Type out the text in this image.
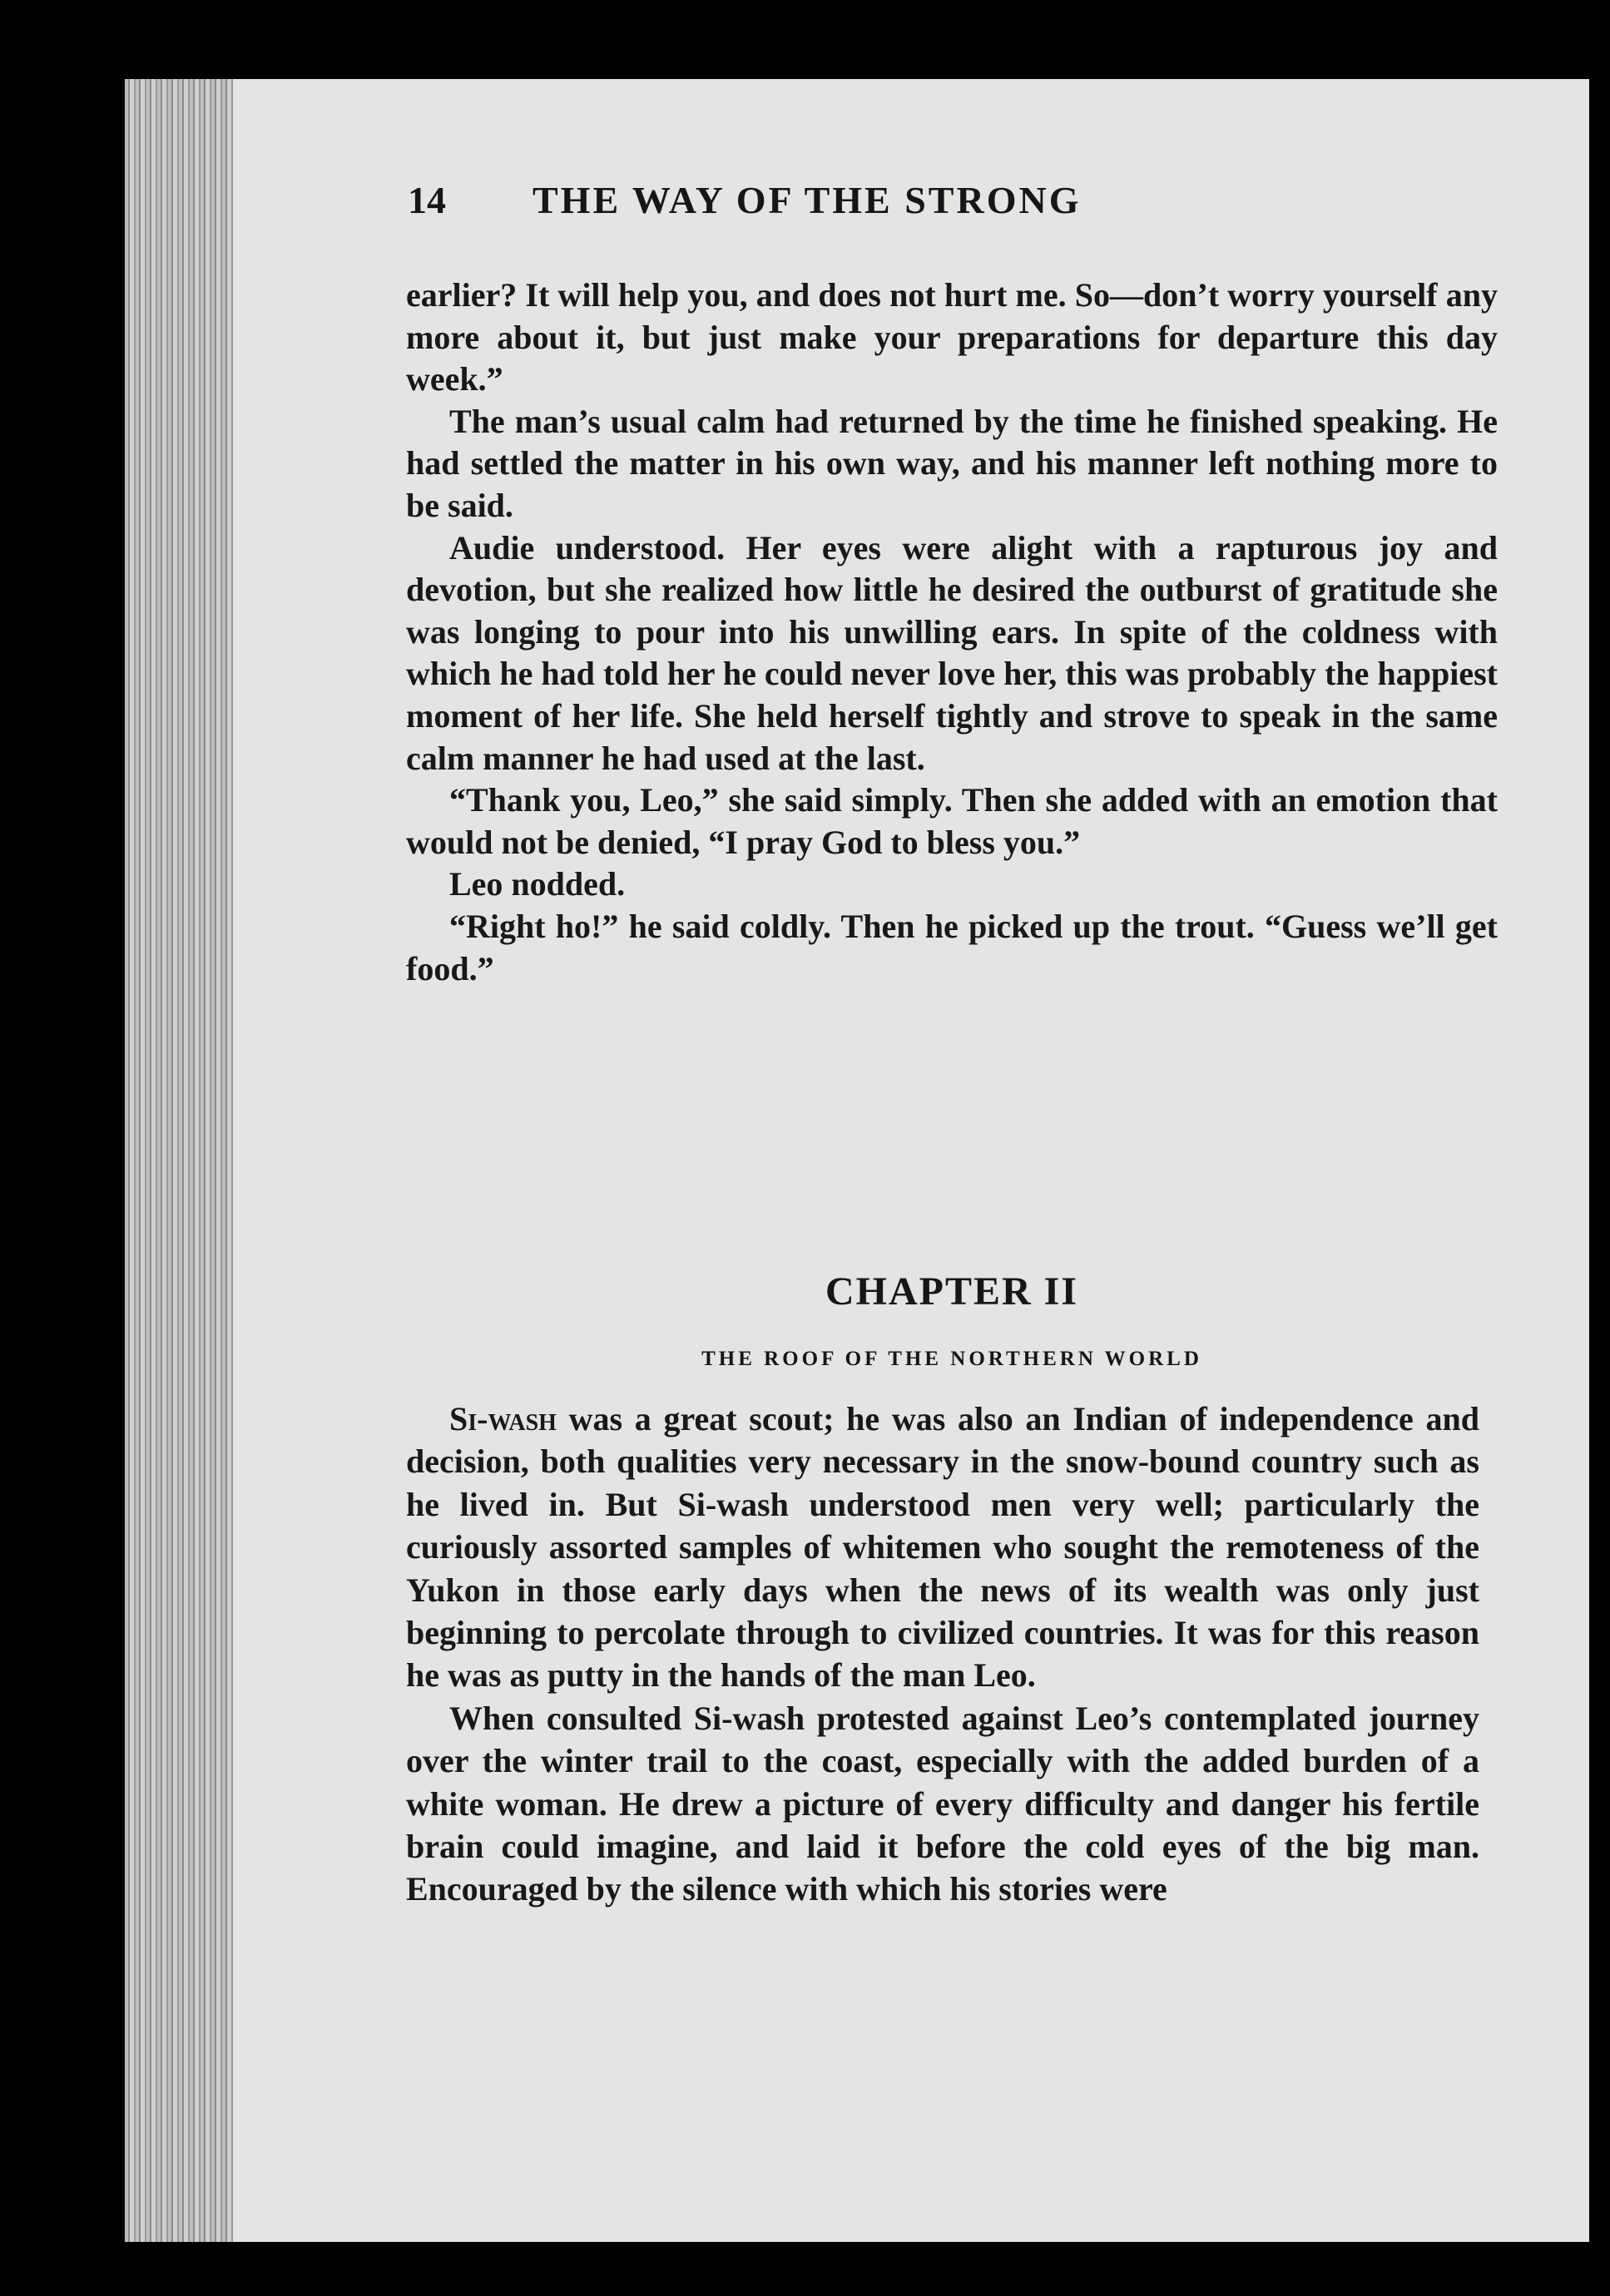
14	THE WAY OF THE STRONG

earlier? It will help you, and does not hurt me. So—don’t worry yourself any more about it, but just make your preparations for departure this day week.”

The man’s usual calm had returned by the time he finished speaking. He had settled the matter in his own way, and his manner left nothing more to be said.

Audie understood. Her eyes were alight with a rapturous joy and devotion, but she realized how little he desired the outburst of gratitude she was longing to pour into his unwilling ears. In spite of the coldness with which he had told her he could never love her, this was probably the happiest moment of her life. She held herself tightly and strove to speak in the same calm manner he had used at the last.

“Thank you, Leo,” she said simply. Then she added with an emotion that would not be denied, “I pray God to bless you.”

Leo nodded.

“Right ho!” he said coldly. Then he picked up the trout. “Guess we’ll get food.”

CHAPTER II
THE ROOF OF THE NORTHERN WORLD

Si-wash was a great scout; he was also an Indian of independence and decision, both qualities very necessary in the snow-bound country such as he lived in. But Si-wash understood men very well; particularly the curiously assorted samples of whitemen who sought the remoteness of the Yukon in those early days when the news of its wealth was only just beginning to percolate through to civilized countries. It was for this reason he was as putty in the hands of the man Leo.

When consulted Si-wash protested against Leo’s contemplated journey over the winter trail to the coast, especially with the added burden of a white woman. He drew a picture of every difficulty and danger his fertile brain could imagine, and laid it before the cold eyes of the big man. Encouraged by the silence with which his stories were
